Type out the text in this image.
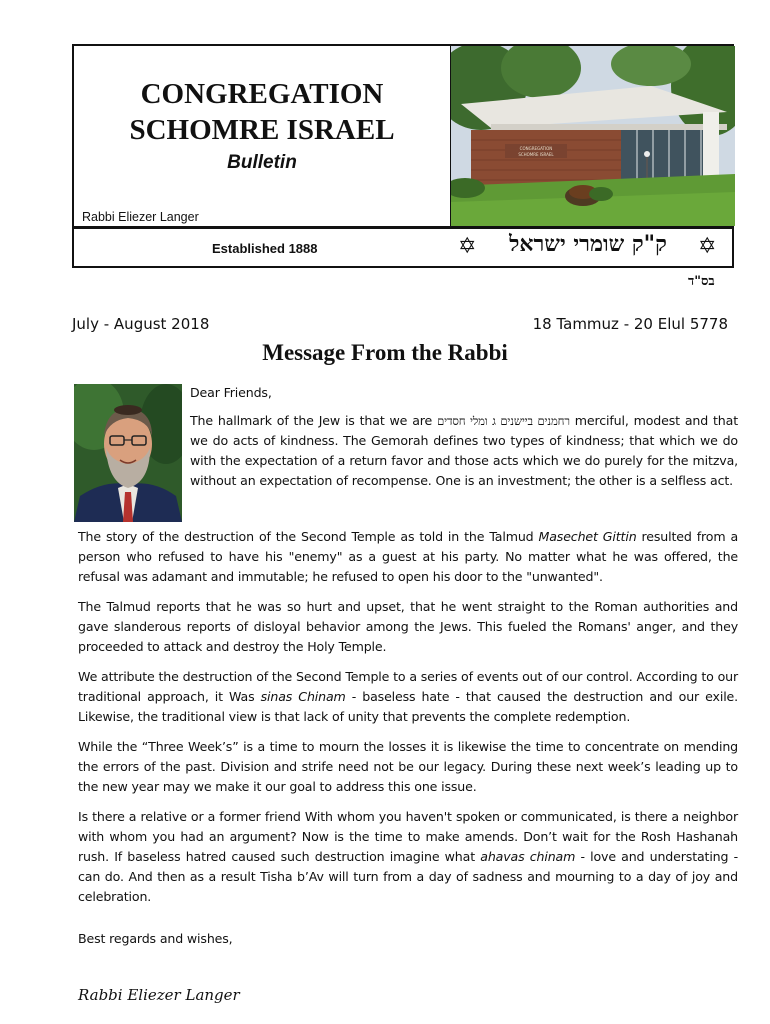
CONGREGATION
SCHOMRE ISRAEL
Bulletin
Rabbi Eliezer Langer
CONGREGATION
SCHOMRE ISRAEL
Established 1888	✡	ק"ק שומרי ישראל	✡
בס"ד
July - August 2018	18 Tammuz - 20 Elul 5778
Message From the Rabbi

Dear Friends,

The hallmark of the Jew is that we are רחמנים ביישנים ג ומלי חסדים merciful, modest and that we do acts of kindness. The Gemorah defines two types of kindness; that which we do with the expectation of a return favor and those acts which we do purely for the mitzva, without an expectation of recompense. One is an investment; the other is a selfless act.

The story of the destruction of the Second Temple as told in the Talmud Masechet Gittin resulted from a person who refused to have his "enemy" as a guest at his party. No matter what he was offered, the refusal was adamant and immutable; he refused to open his door to the "unwanted".

The Talmud reports that he was so hurt and upset, that he went straight to the Roman authorities and gave slanderous reports of disloyal behavior among the Jews. This fueled the Romans' anger, and they proceeded to attack and destroy the Holy Temple.

We attribute the destruction of the Second Temple to a series of events out of our control. According to our traditional approach, it Was sinas Chinam - baseless hate - that caused the destruction and our exile. Likewise, the traditional view is that lack of unity that prevents the complete redemption.

While the “Three Week’s” is a time to mourn the losses it is likewise the time to concentrate on mending the errors of the past. Division and strife need not be our legacy. During these next week’s leading up to the new year may we make it our goal to address this one issue.

Is there a relative or a former friend With whom you haven't spoken or communicated, is there a neighbor with whom you had an argument? Now is the time to make amends. Don’t wait for the Rosh Hashanah rush. If baseless hatred caused such destruction imagine what ahavas chinam - love and understating - can do. And then as a result Tisha b’Av will turn from a day of sadness and mourning to a day of joy and celebration.

Best regards and wishes,
Rabbi Eliezer Langer
